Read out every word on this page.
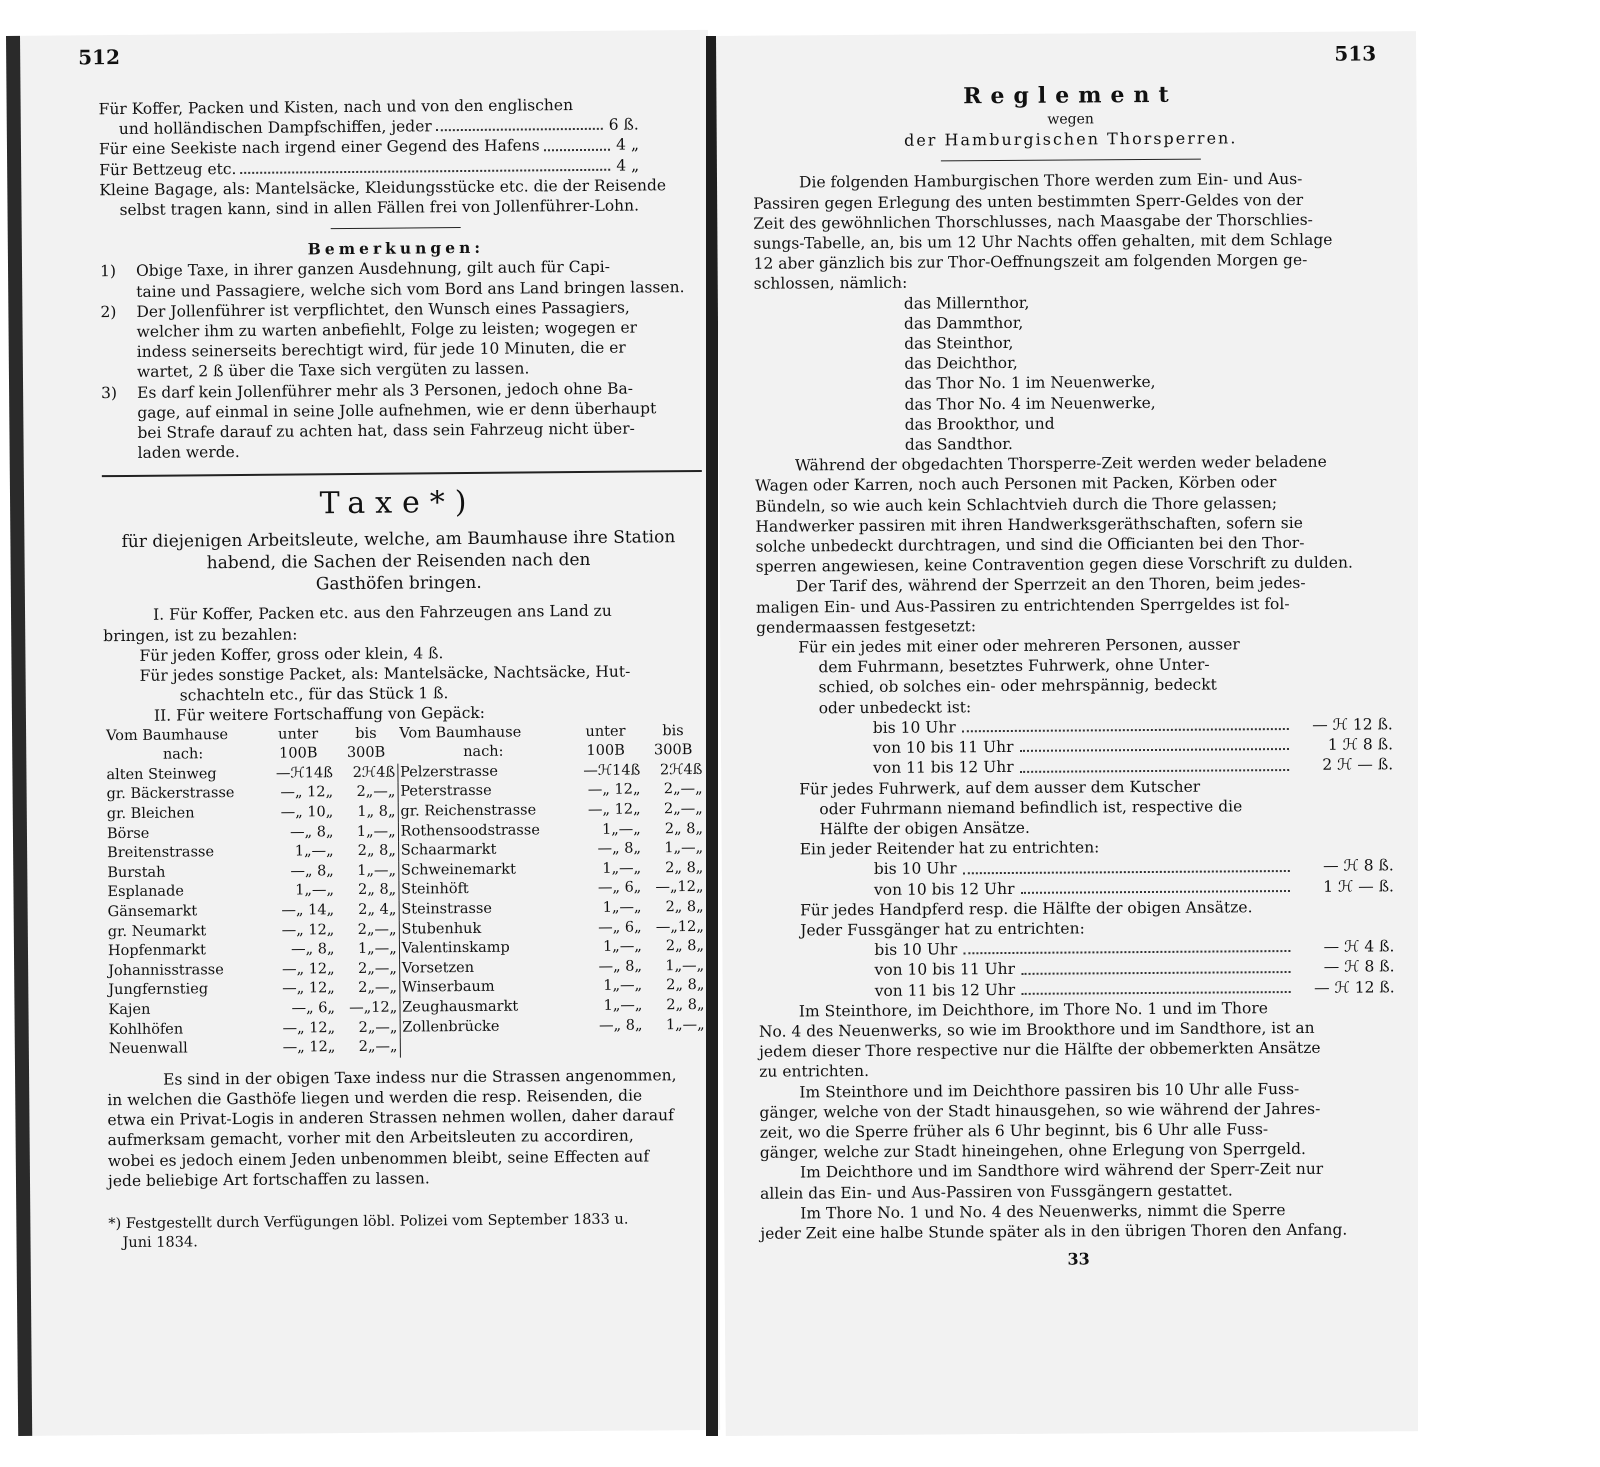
512
Für Koffer, Packen und Kisten, nach und von den englischen
und holländischen Dampfschiffen, jeder	6 ß.
Für eine Seekiste nach irgend einer Gegend des Hafens	4 „
Für Bettzeug etc.	4 „
Kleine Bagage, als: Mantelsäcke, Kleidungsstücke etc. die der Reisende
selbst tragen kann, sind in allen Fällen frei von Jollenführer-Lohn.
Bemerkungen:
1)	Obige Taxe, in ihrer ganzen Ausdehnung, gilt auch für Capi-
taine und Passagiere, welche sich vom Bord ans Land bringen lassen.
2)	Der Jollenführer ist verpflichtet, den Wunsch eines Passagiers,
welcher ihm zu warten anbefiehlt, Folge zu leisten; wogegen er
indess seinerseits berechtigt wird, für jede 10 Minuten, die er
wartet, 2 ß über die Taxe sich vergüten zu lassen.
3)	Es darf kein Jollenführer mehr als 3 Personen, jedoch ohne Ba-
gage, auf einmal in seine Jolle aufnehmen, wie er denn überhaupt
bei Strafe darauf zu achten hat, dass sein Fahrzeug nicht über-
laden werde.
Taxe*)
für diejenigen Arbeitsleute, welche, am Baumhause ihre Station
habend, die Sachen der Reisenden nach den
Gasthöfen bringen.
I. Für Koffer, Packen etc. aus den Fahrzeugen ans Land zu
bringen, ist zu bezahlen:
Für jeden Koffer, gross oder klein, 4 ß.
Für jedes sonstige Packet, als: Mantelsäcke, Nachtsäcke, Hut-
schachteln etc., für das Stück 1 ß.
II. Für weitere Fortschaffung von Gepäck:
Vom Baumhause	unter	bis	Vom Baumhause	unter	bis
nach:	100B	300B	nach:	100B	300B
alten Steinweg	—ℋ14ß	2ℋ4ß	Pelzerstrasse	—ℋ14ß	2ℋ4ß
gr. Bäckerstrasse	—„ 12„	2„—„	Peterstrasse	—„ 12„	2„—„
gr. Bleichen	—„ 10„	1„ 8„	gr. Reichenstrasse	—„ 12„	2„—„
Börse	—„ 8„	1„—„	Rothensoodstrasse	1„—„	2„ 8„
Breitenstrasse	1„—„	2„ 8„	Schaarmarkt	—„ 8„	1„—„
Burstah	—„ 8„	1„—„	Schweinemarkt	1„—„	2„ 8„
Esplanade	1„—„	2„ 8„	Steinhöft	—„ 6„	—„12„
Gänsemarkt	—„ 14„	2„ 4„	Steinstrasse	1„—„	2„ 8„
gr. Neumarkt	—„ 12„	2„—„	Stubenhuk	—„ 6„	—„12„
Hopfenmarkt	—„ 8„	1„—„	Valentinskamp	1„—„	2„ 8„
Johannisstrasse	—„ 12„	2„—„	Vorsetzen	—„ 8„	1„—„
Jungfernstieg	—„ 12„	2„—„	Winserbaum	1„—„	2„ 8„
Kajen	—„ 6„	—„12„	Zeughausmarkt	1„—„	2„ 8„
Kohlhöfen	—„ 12„	2„—„	Zollenbrücke	—„ 8„	1„—„
Neuenwall	—„ 12„	2„—„			
Es sind in der obigen Taxe indess nur die Strassen angenommen,
in welchen die Gasthöfe liegen und werden die resp. Reisenden, die
etwa ein Privat-Logis in anderen Strassen nehmen wollen, daher darauf
aufmerksam gemacht, vorher mit den Arbeitsleuten zu accordiren,
wobei es jedoch einem Jeden unbenommen bleibt, seine Effecten auf
jede beliebige Art fortschaffen zu lassen.
*) Festgestellt durch Verfügungen löbl. Polizei vom September 1833 u.
Juni 1834.
513
Reglement
wegen
der Hamburgischen Thorsperren.
Die folgenden Hamburgischen Thore werden zum Ein- und Aus-
Passiren gegen Erlegung des unten bestimmten Sperr-Geldes von der
Zeit des gewöhnlichen Thorschlusses, nach Maasgabe der Thorschlies-
sungs-Tabelle, an, bis um 12 Uhr Nachts offen gehalten, mit dem Schlage
12 aber gänzlich bis zur Thor-Oeffnungszeit am folgenden Morgen ge-
schlossen, nämlich:
das Millernthor,
das Dammthor,
das Steinthor,
das Deichthor,
das Thor No. 1 im Neuenwerke,
das Thor No. 4 im Neuenwerke,
das Brookthor, und
das Sandthor.
Während der obgedachten Thorsperre-Zeit werden weder beladene
Wagen oder Karren, noch auch Personen mit Packen, Körben oder
Bündeln, so wie auch kein Schlachtvieh durch die Thore gelassen;
Handwerker passiren mit ihren Handwerksgeräthschaften, sofern sie
solche unbedeckt durchtragen, und sind die Officianten bei den Thor-
sperren angewiesen, keine Contravention gegen diese Vorschrift zu dulden.
Der Tarif des, während der Sperrzeit an den Thoren, beim jedes-
maligen Ein- und Aus-Passiren zu entrichtenden Sperrgeldes ist fol-
gendermaassen festgesetzt:
Für ein jedes mit einer oder mehreren Personen, ausser
dem Fuhrmann, besetztes Fuhrwerk, ohne Unter-
schied, ob solches ein- oder mehrspännig, bedeckt
oder unbedeckt ist:
bis 10 Uhr	— ℋ 12 ß.
von 10 bis 11 Uhr	1 ℋ 8 ß.
von 11 bis 12 Uhr	2 ℋ — ß.
Für jedes Fuhrwerk, auf dem ausser dem Kutscher
oder Fuhrmann niemand befindlich ist, respective die
Hälfte der obigen Ansätze.
Ein jeder Reitender hat zu entrichten:
bis 10 Uhr	— ℋ 8 ß.
von 10 bis 12 Uhr	1 ℋ — ß.
Für jedes Handpferd resp. die Hälfte der obigen Ansätze.
Jeder Fussgänger hat zu entrichten:
bis 10 Uhr	— ℋ 4 ß.
von 10 bis 11 Uhr	— ℋ 8 ß.
von 11 bis 12 Uhr	— ℋ 12 ß.
Im Steinthore, im Deichthore, im Thore No. 1 und im Thore
No. 4 des Neuenwerks, so wie im Brookthore und im Sandthore, ist an
jedem dieser Thore respective nur die Hälfte der obbemerkten Ansätze
zu entrichten.
Im Steinthore und im Deichthore passiren bis 10 Uhr alle Fuss-
gänger, welche von der Stadt hinausgehen, so wie während der Jahres-
zeit, wo die Sperre früher als 6 Uhr beginnt, bis 6 Uhr alle Fuss-
gänger, welche zur Stadt hineingehen, ohne Erlegung von Sperrgeld.
Im Deichthore und im Sandthore wird während der Sperr-Zeit nur
allein das Ein- und Aus-Passiren von Fussgängern gestattet.
Im Thore No. 1 und No. 4 des Neuenwerks, nimmt die Sperre
jeder Zeit eine halbe Stunde später als in den übrigen Thoren den Anfang.
33
